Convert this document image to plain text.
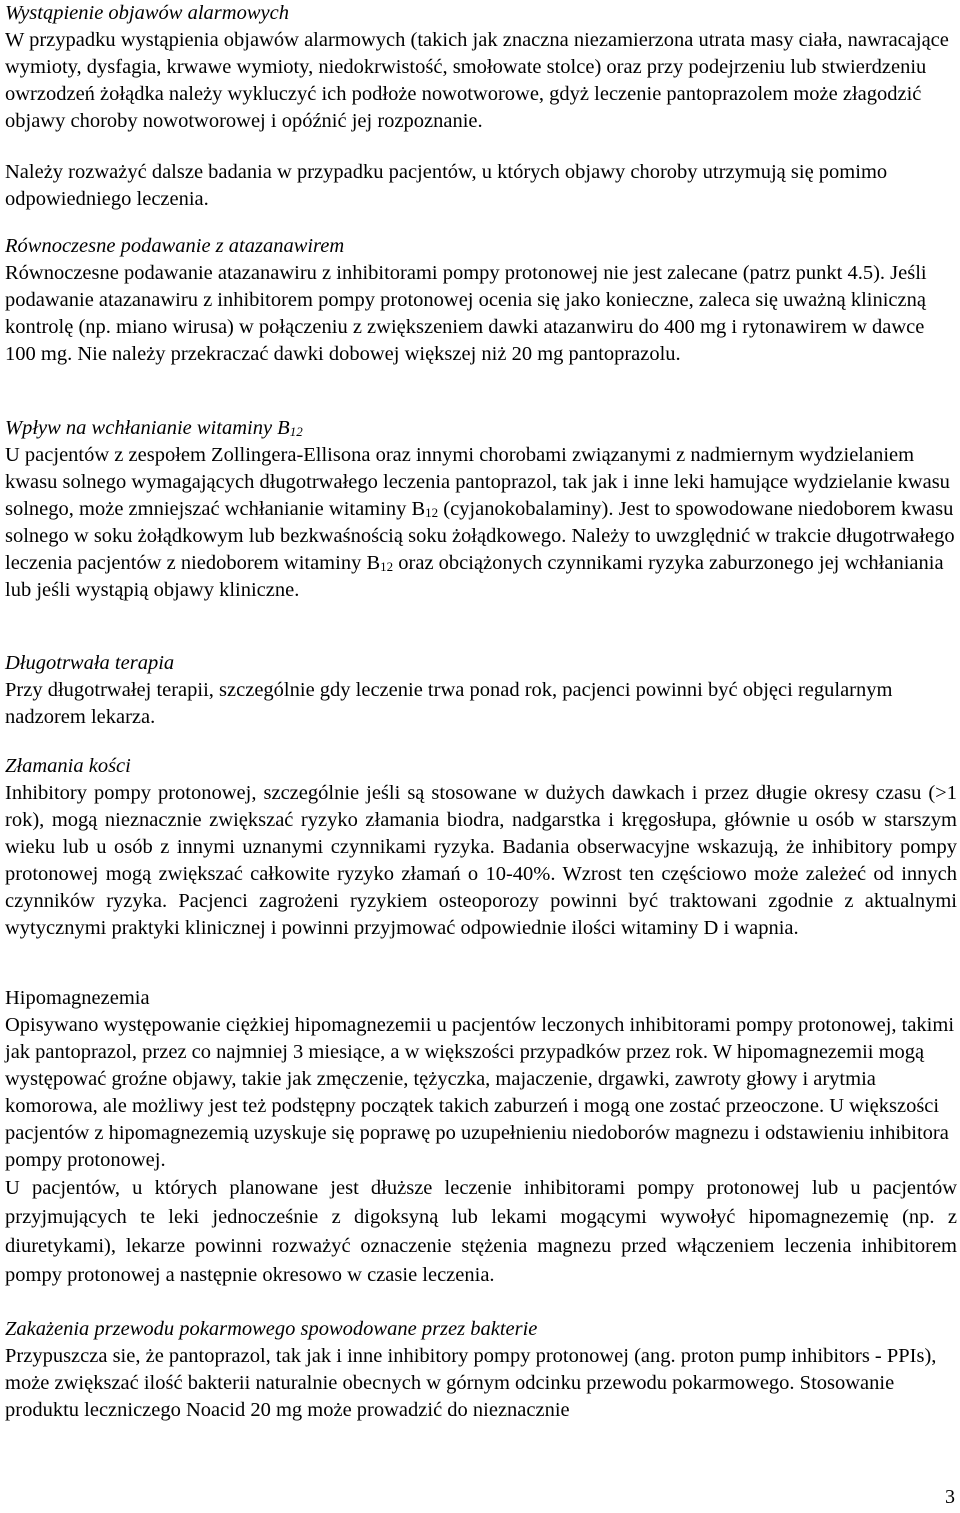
Wystąpienie objawów alarmowych

W przypadku wystąpienia objawów alarmowych (takich jak znaczna niezamierzona utrata masy ciała, nawracające wymioty, dysfagia, krwawe wymioty, niedokrwistość, smołowate stolce) oraz przy podejrzeniu lub stwierdzeniu owrzodzeń żołądka należy wykluczyć ich podłoże nowotworowe, gdyż leczenie pantoprazolem może złagodzić objawy choroby nowotworowej i opóźnić jej rozpoznanie.

Należy rozważyć dalsze badania w przypadku pacjentów, u których objawy choroby utrzymują się pomimo odpowiedniego leczenia.

Równoczesne podawanie z atazanawirem

Równoczesne podawanie atazanawiru z inhibitorami pompy protonowej nie jest zalecane (patrz punkt 4.5). Jeśli podawanie atazanawiru z inhibitorem pompy protonowej ocenia się jako konieczne, zaleca się uważną kliniczną kontrolę (np. miano wirusa) w połączeniu z zwiększeniem dawki atazanwiru do 400 mg i rytonawirem w dawce 100 mg. Nie należy przekraczać dawki dobowej większej niż 20 mg pantoprazolu.

Wpływ na wchłanianie witaminy B12

U pacjentów z zespołem Zollingera-Ellisona oraz innymi chorobami związanymi z nadmiernym wydzielaniem kwasu solnego wymagających długotrwałego leczenia pantoprazol, tak jak i inne leki hamujące wydzielanie kwasu solnego, może zmniejszać wchłanianie witaminy B12 (cyjanokobalaminy). Jest to spowodowane niedoborem kwasu solnego w soku żołądkowym lub bezkwaśnością soku żołądkowego. Należy to uwzględnić w trakcie długotrwałego leczenia pacjentów z niedoborem witaminy B12 oraz obciążonych czynnikami ryzyka zaburzonego jej wchłaniania lub jeśli wystąpią objawy kliniczne.

Długotrwała terapia

Przy długotrwałej terapii, szczególnie gdy leczenie trwa ponad rok, pacjenci powinni być objęci regularnym nadzorem lekarza.

Złamania kości

Inhibitory pompy protonowej, szczególnie jeśli są stosowane w dużych dawkach i przez długie okresy czasu (>1 rok), mogą nieznacznie zwiększać ryzyko złamania biodra, nadgarstka i kręgosłupa, głównie u osób w starszym wieku lub u osób z innymi uznanymi czynnikami ryzyka. Badania obserwacyjne wskazują, że inhibitory pompy protonowej mogą zwiększać całkowite ryzyko złamań o 10-40%. Wzrost ten częściowo może zależeć od innych czynników ryzyka. Pacjenci zagrożeni ryzykiem osteoporozy powinni być traktowani zgodnie z aktualnymi wytycznymi praktyki klinicznej i powinni przyjmować odpowiednie ilości witaminy D i wapnia.

Hipomagnezemia

Opisywano występowanie ciężkiej hipomagnezemii u pacjentów leczonych inhibitorami pompy protonowej, takimi jak pantoprazol, przez co najmniej 3 miesiące, a w większości przypadków przez rok. W hipomagnezemii mogą występować groźne objawy, takie jak zmęczenie, tężyczka, majaczenie, drgawki, zawroty głowy i arytmia komorowa, ale możliwy jest też podstępny początek takich zaburzeń i mogą one zostać przeoczone. U większości pacjentów z hipomagnezemią uzyskuje się poprawę po uzupełnieniu niedoborów magnezu i odstawieniu inhibitora pompy protonowej.

U pacjentów, u których planowane jest dłuższe leczenie inhibitorami pompy protonowej lub u pacjentów przyjmujących te leki jednocześnie z digoksyną lub lekami mogącymi wywołyć hipomagnezemię (np. z diuretykami), lekarze powinni rozważyć oznaczenie stężenia magnezu przed włączeniem leczenia inhibitorem pompy protonowej a następnie okresowo w czasie leczenia.

Zakażenia przewodu pokarmowego spowodowane przez bakterie

Przypuszcza sie, że pantoprazol, tak jak i inne inhibitory pompy protonowej (ang. proton pump inhibitors - PPIs), może zwiększać ilość bakterii naturalnie obecnych w górnym odcinku przewodu pokarmowego. Stosowanie produktu leczniczego Noacid 20 mg może prowadzić do nieznacznie

3
